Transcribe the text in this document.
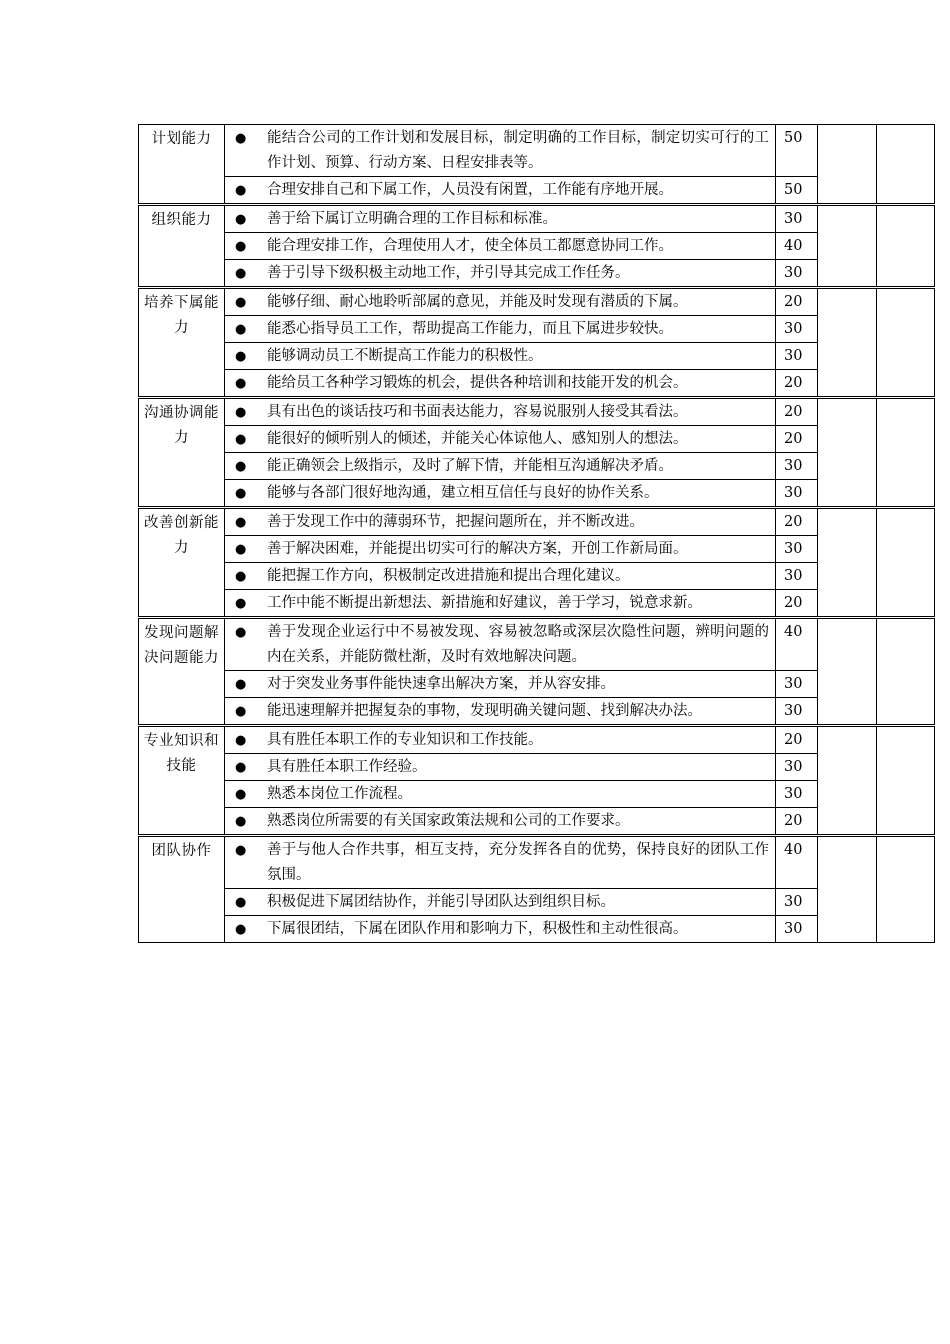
计划能力	● 能结合公司的工作计划和发展目标，制定明确的工作目标，制定切实可行的工作计划、预算、行动方案、日程安排表等。	50		

	● 合理安排自己和下属工作，人员没有闲置，工作能有序地开展。	50		
组织能力	● 善于给下属订立明确合理的工作目标和标准。	30		

	● 能合理安排工作，合理使用人才，使全体员工都愿意协同工作。	40		

	● 善于引导下级积极主动地工作，并引导其完成工作任务。	30		
培养下属能力	● 能够仔细、耐心地聆听部属的意见，并能及时发现有潜质的下属。	20		

	● 能悉心指导员工工作，帮助提高工作能力，而且下属进步较快。	30		

	● 能够调动员工不断提高工作能力的积极性。	30		

	● 能给员工各种学习锻炼的机会，提供各种培训和技能开发的机会。	20		
沟通协调能力	● 具有出色的谈话技巧和书面表达能力，容易说服别人接受其看法。	20		

	● 能很好的倾听别人的倾述，并能关心体谅他人、感知别人的想法。	20		

	● 能正确领会上级指示，及时了解下情，并能相互沟通解决矛盾。	30		

	● 能够与各部门很好地沟通，建立相互信任与良好的协作关系。	30		
改善创新能力	● 善于发现工作中的薄弱环节，把握问题所在，并不断改进。	20		

	● 善于解决困难，并能提出切实可行的解决方案，开创工作新局面。	30		

	● 能把握工作方向，积极制定改进措施和提出合理化建议。	30		

	● 工作中能不断提出新想法、新措施和好建议，善于学习，锐意求新。	20		
发现问题解决问题能力	● 善于发现企业运行中不易被发现、容易被忽略或深层次隐性问题，辨明问题的内在关系，并能防微杜渐，及时有效地解决问题。	40		

	● 对于突发业务事件能快速拿出解决方案，并从容安排。	30		

	● 能迅速理解并把握复杂的事物，发现明确关键问题、找到解决办法。	30		
专业知识和技能	● 具有胜任本职工作的专业知识和工作技能。	20		

	● 具有胜任本职工作经验。	30		

	● 熟悉本岗位工作流程。	30		

	● 熟悉岗位所需要的有关国家政策法规和公司的工作要求。	20		
团队协作	● 善于与他人合作共事，相互支持，充分发挥各自的优势，保持良好的团队工作氛围。	40		

	● 积极促进下属团结协作，并能引导团队达到组织目标。	30		

	● 下属很团结，下属在团队作用和影响力下，积极性和主动性很高。	30		
